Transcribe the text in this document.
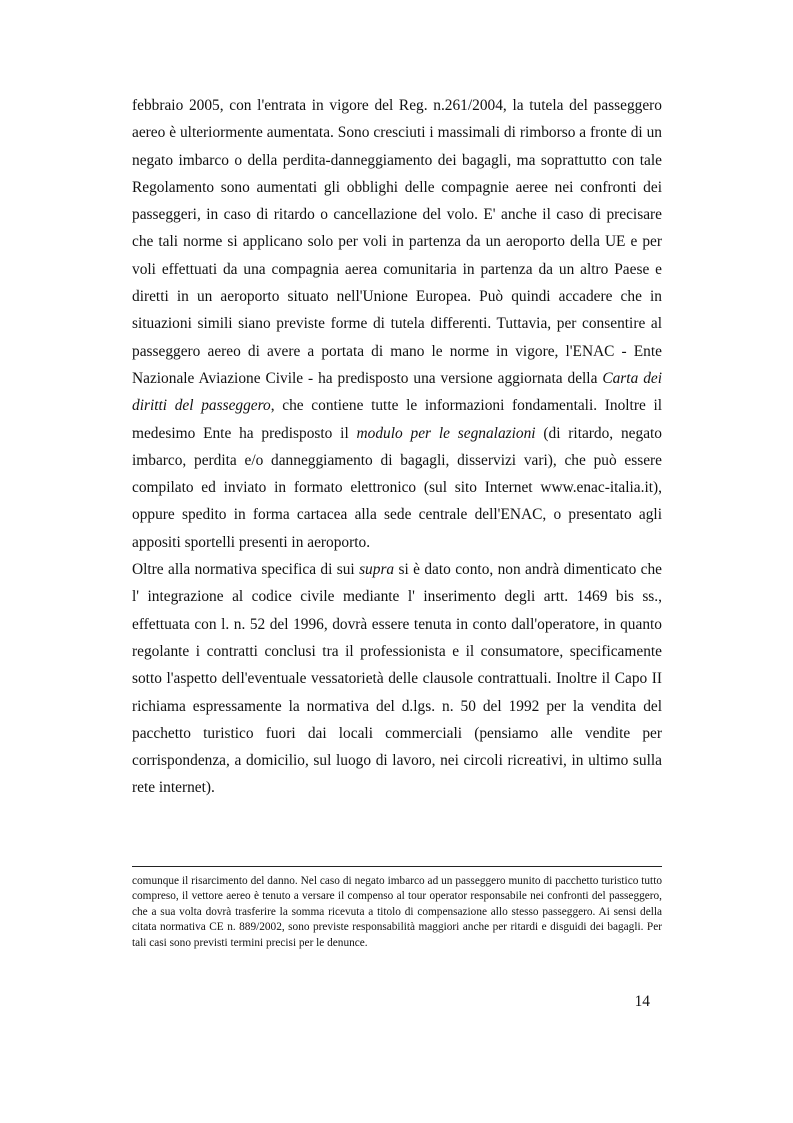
febbraio 2005, con l'entrata in vigore del Reg. n.261/2004, la tutela del passeggero aereo è ulteriormente aumentata. Sono cresciuti i massimali di rimborso a fronte di un negato imbarco o della perdita-danneggiamento dei bagagli, ma soprattutto con tale Regolamento sono aumentati gli obblighi delle compagnie aeree nei confronti dei passeggeri, in caso di ritardo o cancellazione del volo. E' anche il caso di precisare che tali norme si applicano solo per voli in partenza da un aeroporto della UE e per voli effettuati da una compagnia aerea comunitaria in partenza da un altro Paese e diretti in un aeroporto situato nell'Unione Europea. Può quindi accadere che in situazioni simili siano previste forme di tutela differenti. Tuttavia, per consentire al passeggero aereo di avere a portata di mano le norme in vigore, l'ENAC - Ente Nazionale Aviazione Civile - ha predisposto una versione aggiornata della Carta dei diritti del passeggero, che contiene tutte le informazioni fondamentali. Inoltre il medesimo Ente ha predisposto il modulo per le segnalazioni (di ritardo, negato imbarco, perdita e/o danneggiamento di bagagli, disservizi vari), che può essere compilato ed inviato in formato elettronico (sul sito Internet www.enac-italia.it), oppure spedito in forma cartacea alla sede centrale dell'ENAC, o presentato agli appositi sportelli presenti in aeroporto.

Oltre alla normativa specifica di sui supra si è dato conto, non andrà dimenticato che l' integrazione al codice civile mediante l' inserimento degli artt. 1469 bis ss., effettuata con l. n. 52 del 1996, dovrà essere tenuta in conto dall'operatore, in quanto regolante i contratti conclusi tra il professionista e il consumatore, specificamente sotto l'aspetto dell'eventuale vessatorietà delle clausole contrattuali. Inoltre il Capo II richiama espressamente la normativa del d.lgs. n. 50 del 1992 per la vendita del pacchetto turistico fuori dai locali commerciali (pensiamo alle vendite per corrispondenza, a domicilio, sul luogo di lavoro, nei circoli ricreativi, in ultimo sulla rete internet).

comunque il risarcimento del danno. Nel caso di negato imbarco ad un passeggero munito di pacchetto turistico tutto compreso, il vettore aereo è tenuto a versare il compenso al tour operator responsabile nei confronti del passeggero, che a sua volta dovrà trasferire la somma ricevuta a titolo di compensazione allo stesso passeggero. Ai sensi della citata normativa CE n. 889/2002, sono previste responsabilità maggiori anche per ritardi e disguidi dei bagagli. Per tali casi sono previsti termini precisi per le denunce.
14
